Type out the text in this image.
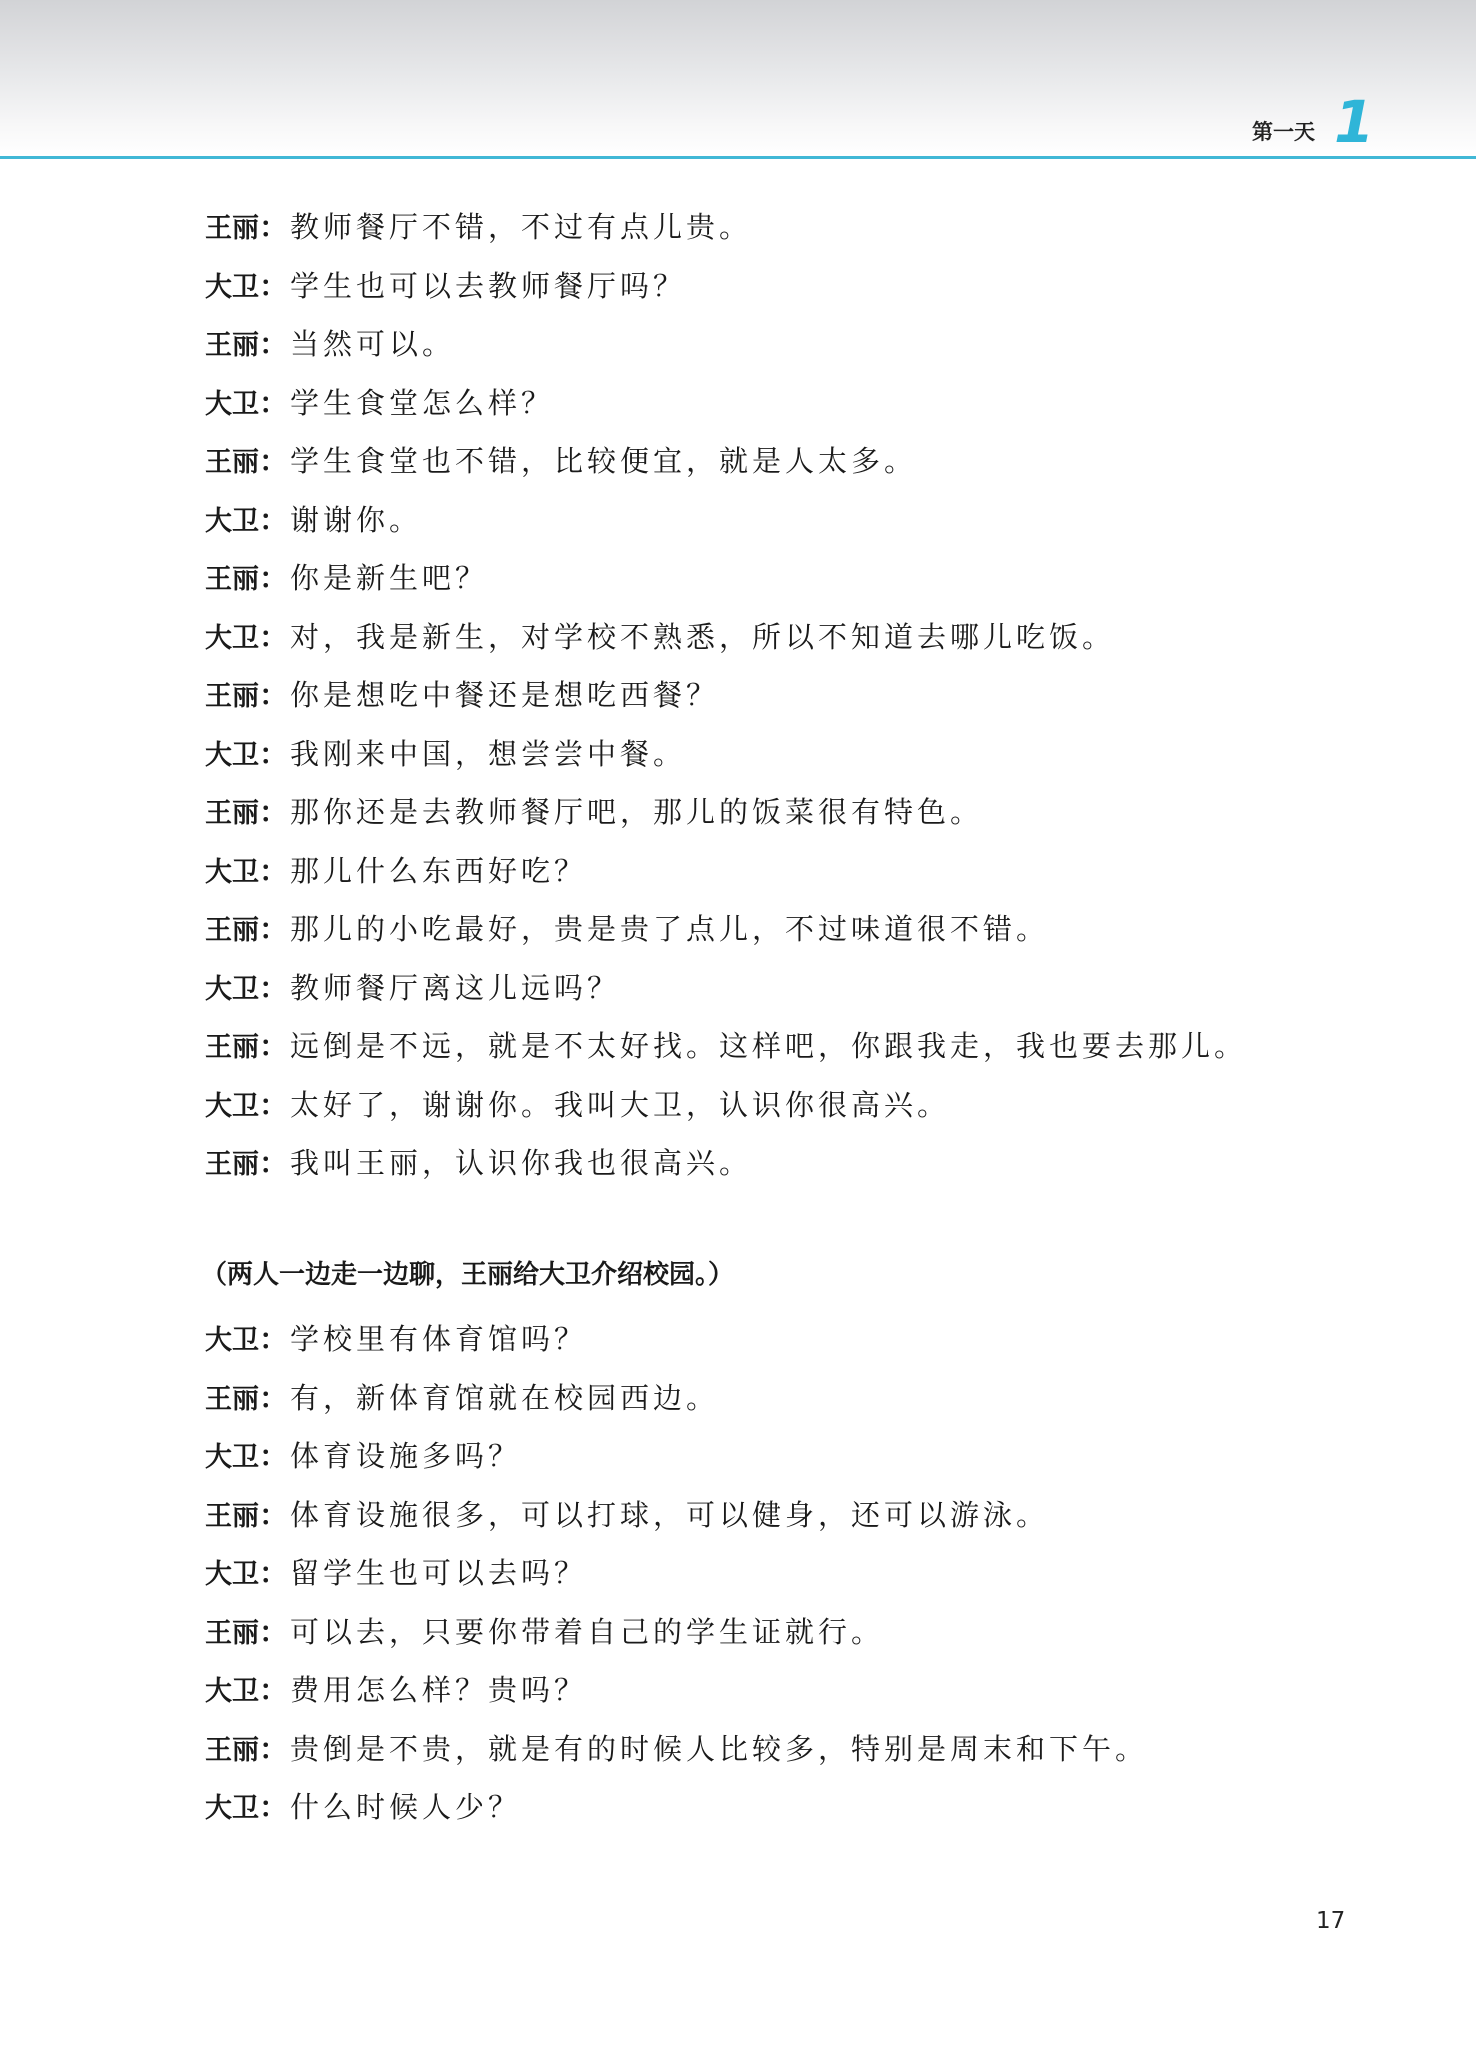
第一天 1
王丽：教师餐厅不错，不过有点儿贵。
大卫：学生也可以去教师餐厅吗？
王丽：当然可以。
大卫：学生食堂怎么样？
王丽：学生食堂也不错，比较便宜，就是人太多。
大卫：谢谢你。
王丽：你是新生吧？
大卫：对，我是新生，对学校不熟悉，所以不知道去哪儿吃饭。
王丽：你是想吃中餐还是想吃西餐？
大卫：我刚来中国，想尝尝中餐。
王丽：那你还是去教师餐厅吧，那儿的饭菜很有特色。
大卫：那儿什么东西好吃？
王丽：那儿的小吃最好，贵是贵了点儿，不过味道很不错。
大卫：教师餐厅离这儿远吗？
王丽：远倒是不远，就是不太好找。这样吧，你跟我走，我也要去那儿。
大卫：太好了，谢谢你。我叫大卫，认识你很高兴。
王丽：我叫王丽，认识你我也很高兴。
（两人一边走一边聊，王丽给大卫介绍校园。）
大卫：学校里有体育馆吗？
王丽：有，新体育馆就在校园西边。
大卫：体育设施多吗？
王丽：体育设施很多，可以打球，可以健身，还可以游泳。
大卫：留学生也可以去吗？
王丽：可以去，只要你带着自己的学生证就行。
大卫：费用怎么样？贵吗？
王丽：贵倒是不贵，就是有的时候人比较多，特别是周末和下午。
大卫：什么时候人少？
17
